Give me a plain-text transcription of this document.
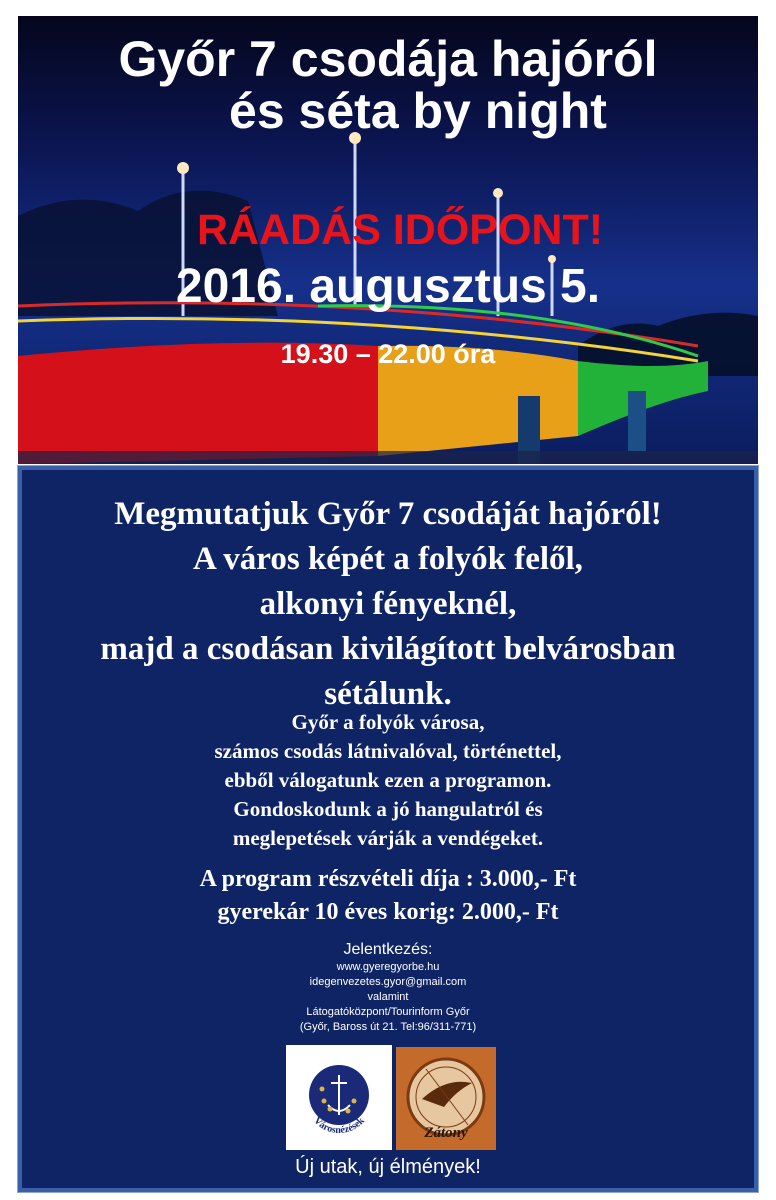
Győr 7 csodája hajóról
és séta by night
RÁADÁS IDŐPONT!
2016. augusztus 5.
19.30 – 22.00 óra
Megmutatjuk Győr 7 csodáját hajóról!
A város képét a folyók felől,
alkonyi fényeknél,
majd a csodásan kivilágított belvárosban
sétálunk.
Győr a folyók városa,
számos csodás látnivalóval, történettel,
ebből válogatunk ezen a programon.
Gondoskodunk a jó hangulatról és
meglepetések várják a vendégeket.
A program részvételi díja : 3.000,- Ft
gyerekár 10 éves korig: 2.000,- Ft
Jelentkezés:
www.gyeregyorbe.hu
idegenvezetes.gyor@gmail.com
valamint
Látogatóközpont/Tourinform Győr
(Győr, Baross út 21. Tel:96/311-771)
Városnézések
Zátony
Új utak, új élmények!
